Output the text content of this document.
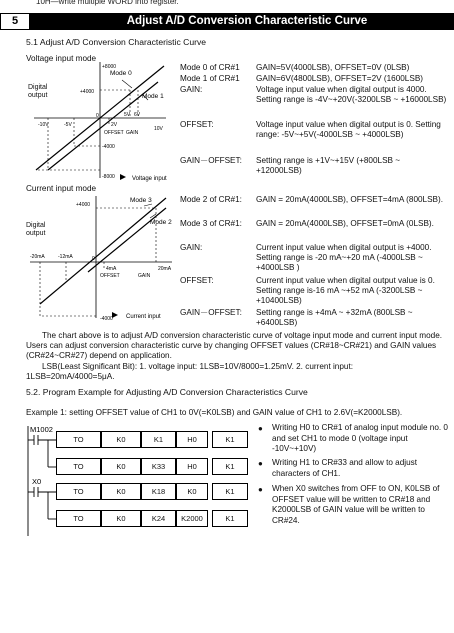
10H—write multiple WORD into register.
5	Adjust A/D Conversion Characteristic Curve
5.1 Adjust A/D Conversion Characteristic Curve
Voltage input mode
+8000
+4000
-4000
-8000
Mode 0
Mode 1
-10V	-5V
0
2V
5V 6V
10V
OFFSET GAIN
Voltage input
Digital
output
Mode 0 of CR#1 GAIN=5V(4000LSB), OFFSET=0V (0LSB)
Mode 1 of CR#1 GAIN=6V(4800LSB), OFFSET=2V (1600LSB)
GAIN:	Voltage input value when digital output is 4000. Setting range is -4V~+20V(-3200LSB ~ +16000LSB)
OFFSET:	Voltage input value when digital output is 0. Setting range: -5V~+5V(-4000LSB ~ +4000LSB)
GAIN－OFFSET: Setting range is +1V~+15V (+800LSB ~ +12000LSB)
Current input mode
+4000
-4000
Mode 3
Mode 2
-20mA	-12mA	0
4mA	20mA
OFFSET	GAIN
Current input
Digital
output
Mode 2 of CR#1: GAIN = 20mA(4000LSB), OFFSET=4mA (800LSB).
Mode 3 of CR#1: GAIN = 20mA(4000LSB), OFFSET=0mA (0LSB).
GAIN:	Current input value when digital output is +4000. Setting range is -20 mA~+20 mA (-4000LSB ~ +4000LSB )
OFFSET:	Current input value when digital output value is 0. Setting range is-16 mA ~+52 mA (-3200LSB ~ +10400LSB)
GAIN－OFFSET: Setting range is +4mA ~ +32mA (800LSB ~ +6400LSB)
The chart above is to adjust A/D conversion characteristic curve of voltage input mode and current input mode. Users can adjust conversion characteristic curve by changing OFFSET values (CR#18~CR#21) and GAIN values (CR#24~CR#27) depend on application.
LSB(Least Significant Bit): 1. voltage input: 1LSB=10V/8000=1.25mV. 2. current input:
1LSB=20mA/4000=5μA.
5.2. Program Example for Adjusting A/D Conversion Characteristics Curve
Example 1: setting OFFSET value of CH1 to 0V(=K0LSB) and GAIN value of CH1 to 2.6V(=K2000LSB).
M1002
X0
TO	K0	K1	H0	K1
TO	K0	K33	H0	K1
TO	K0	K18	K0	K1
TO	K0	K24	K2000	K1
● Writing H0 to CR#1 of analog input module no. 0 and set CH1 to mode 0 (voltage input -10V~+10V)
● Writing H1 to CR#33 and allow to adjust characters of CH1.
● When X0 switches from OFF to ON, K0LSB of OFFSET value will be written to CR#18 and K2000LSB of GAIN value will be written to CR#24.
